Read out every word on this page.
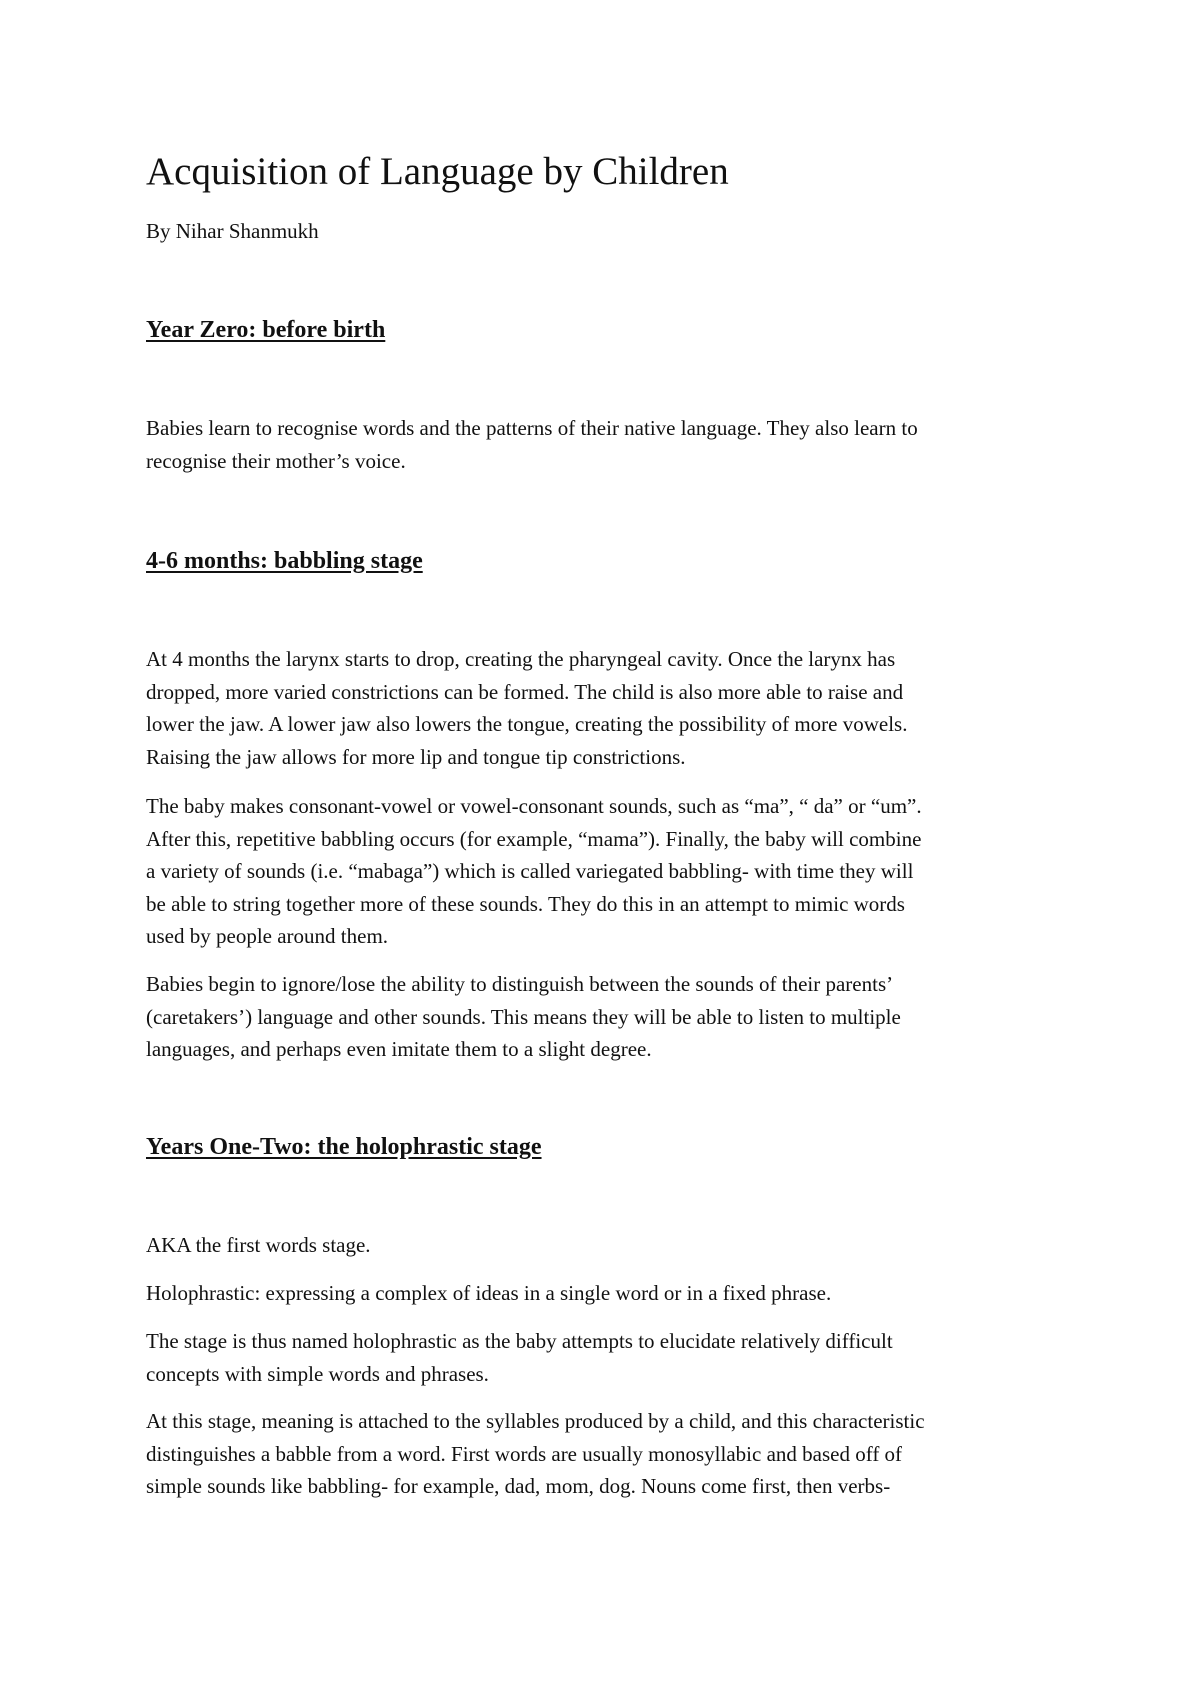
Acquisition of Language by Children

By Nihar Shanmukh

Year Zero: before birth

Babies learn to recognise words and the patterns of their native language. They also learn to
recognise their mother’s voice.

4-6 months: babbling stage

At 4 months the larynx starts to drop, creating the pharyngeal cavity. Once the larynx has
dropped, more varied constrictions can be formed. The child is also more able to raise and
lower the jaw. A lower jaw also lowers the tongue, creating the possibility of more vowels.
Raising the jaw allows for more lip and tongue tip constrictions.

The baby makes consonant-vowel or vowel-consonant sounds, such as “ma”, “ da” or “um”.
After this, repetitive babbling occurs (for example, “mama”). Finally, the baby will combine
a variety of sounds (i.e. “mabaga”) which is called variegated babbling- with time they will
be able to string together more of these sounds. They do this in an attempt to mimic words
used by people around them.

Babies begin to ignore/lose the ability to distinguish between the sounds of their parents’
(caretakers’) language and other sounds. This means they will be able to listen to multiple
languages, and perhaps even imitate them to a slight degree.

Years One-Two: the holophrastic stage

AKA the first words stage.

Holophrastic: expressing a complex of ideas in a single word or in a fixed phrase.

The stage is thus named holophrastic as the baby attempts to elucidate relatively difficult
concepts with simple words and phrases.

At this stage, meaning is attached to the syllables produced by a child, and this characteristic
distinguishes a babble from a word. First words are usually monosyllabic and based off of
simple sounds like babbling- for example, dad, mom, dog. Nouns come first, then verbs-
